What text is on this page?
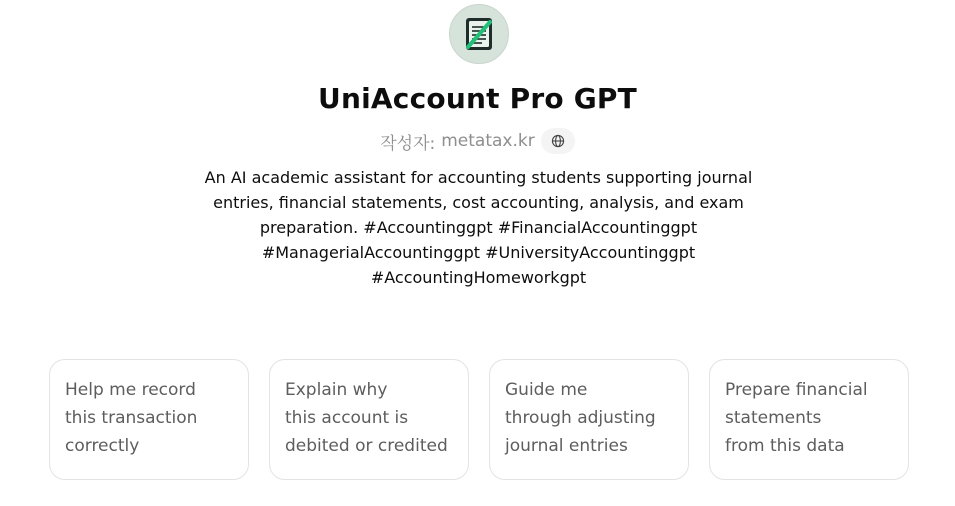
UniAccount Pro GPT
작성자: metatax.kr
An AI academic assistant for accounting students supporting journal
entries, financial statements, cost accounting, analysis, and exam
preparation. #Accountinggpt #FinancialAccountinggpt
#ManagerialAccountinggpt #UniversityAccountinggpt
#AccountingHomeworkgpt
Help me record
this transaction
correctly
Explain why
this account is
debited or credited
Guide me
through adjusting
journal entries
Prepare financial
statements
from this data
